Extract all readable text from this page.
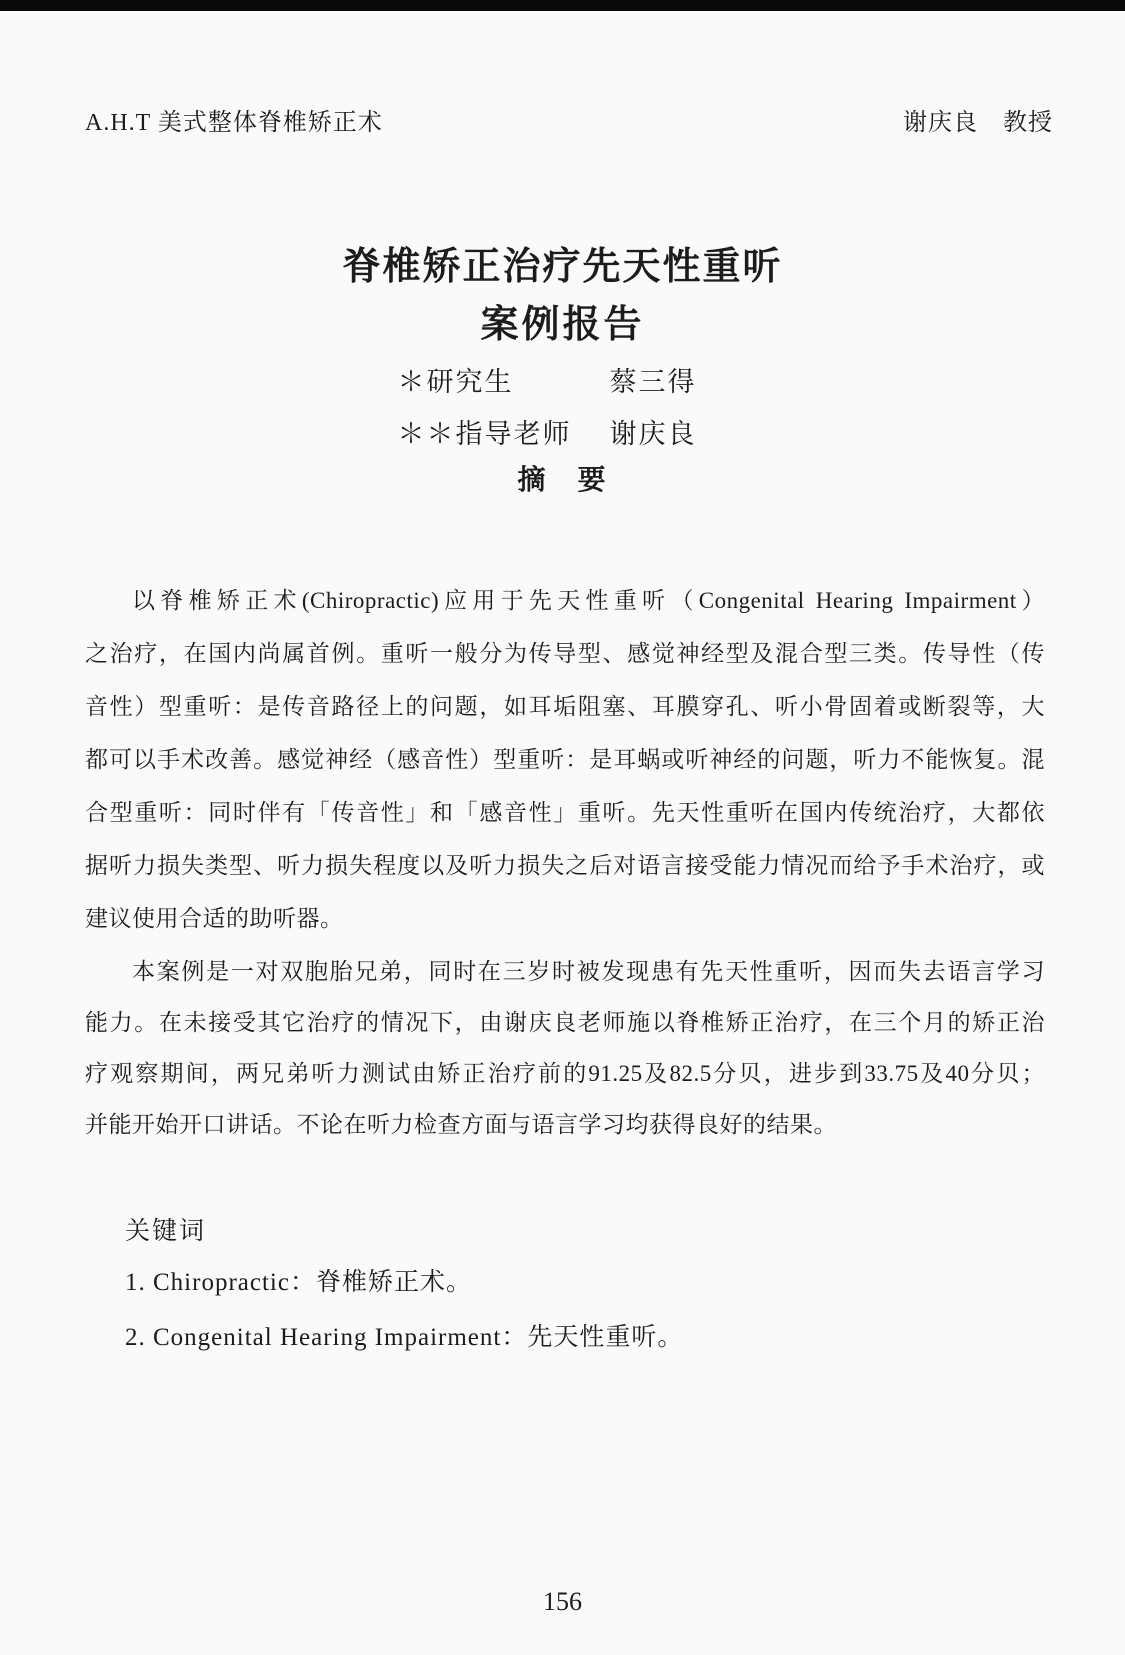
A.H.T 美式整体脊椎矫正术	谢庆良　教授
脊椎矫正治疗先天性重听
案例报告
＊研究生	蔡三得
＊＊指导老师	谢庆良
摘　要
以脊椎矫正术(Chiropractic)应用于先天性重听（Congenital Hearing Impairment）
之治疗，在国内尚属首例。重听一般分为传导型、感觉神经型及混合型三类。传导性（传
音性）型重听：是传音路径上的问题，如耳垢阻塞、耳膜穿孔、听小骨固着或断裂等，大
都可以手术改善。感觉神经（感音性）型重听：是耳蜗或听神经的问题，听力不能恢复。混
合型重听：同时伴有「传音性」和「感音性」重听。先天性重听在国内传统治疗，大都依
据听力损失类型、听力损失程度以及听力损失之后对语言接受能力情况而给予手术治疗，或
建议使用合适的助听器。
本案例是一对双胞胎兄弟，同时在三岁时被发现患有先天性重听，因而失去语言学习
能力。在未接受其它治疗的情况下，由谢庆良老师施以脊椎矫正治疗，在三个月的矫正治
疗观察期间，两兄弟听力测试由矫正治疗前的91.25及82.5分贝，进步到33.75及40分贝；
并能开始开口讲话。不论在听力检查方面与语言学习均获得良好的结果。
关键词
1. Chiropractic：脊椎矫正术。
2. Congenital Hearing Impairment：先天性重听。
156
